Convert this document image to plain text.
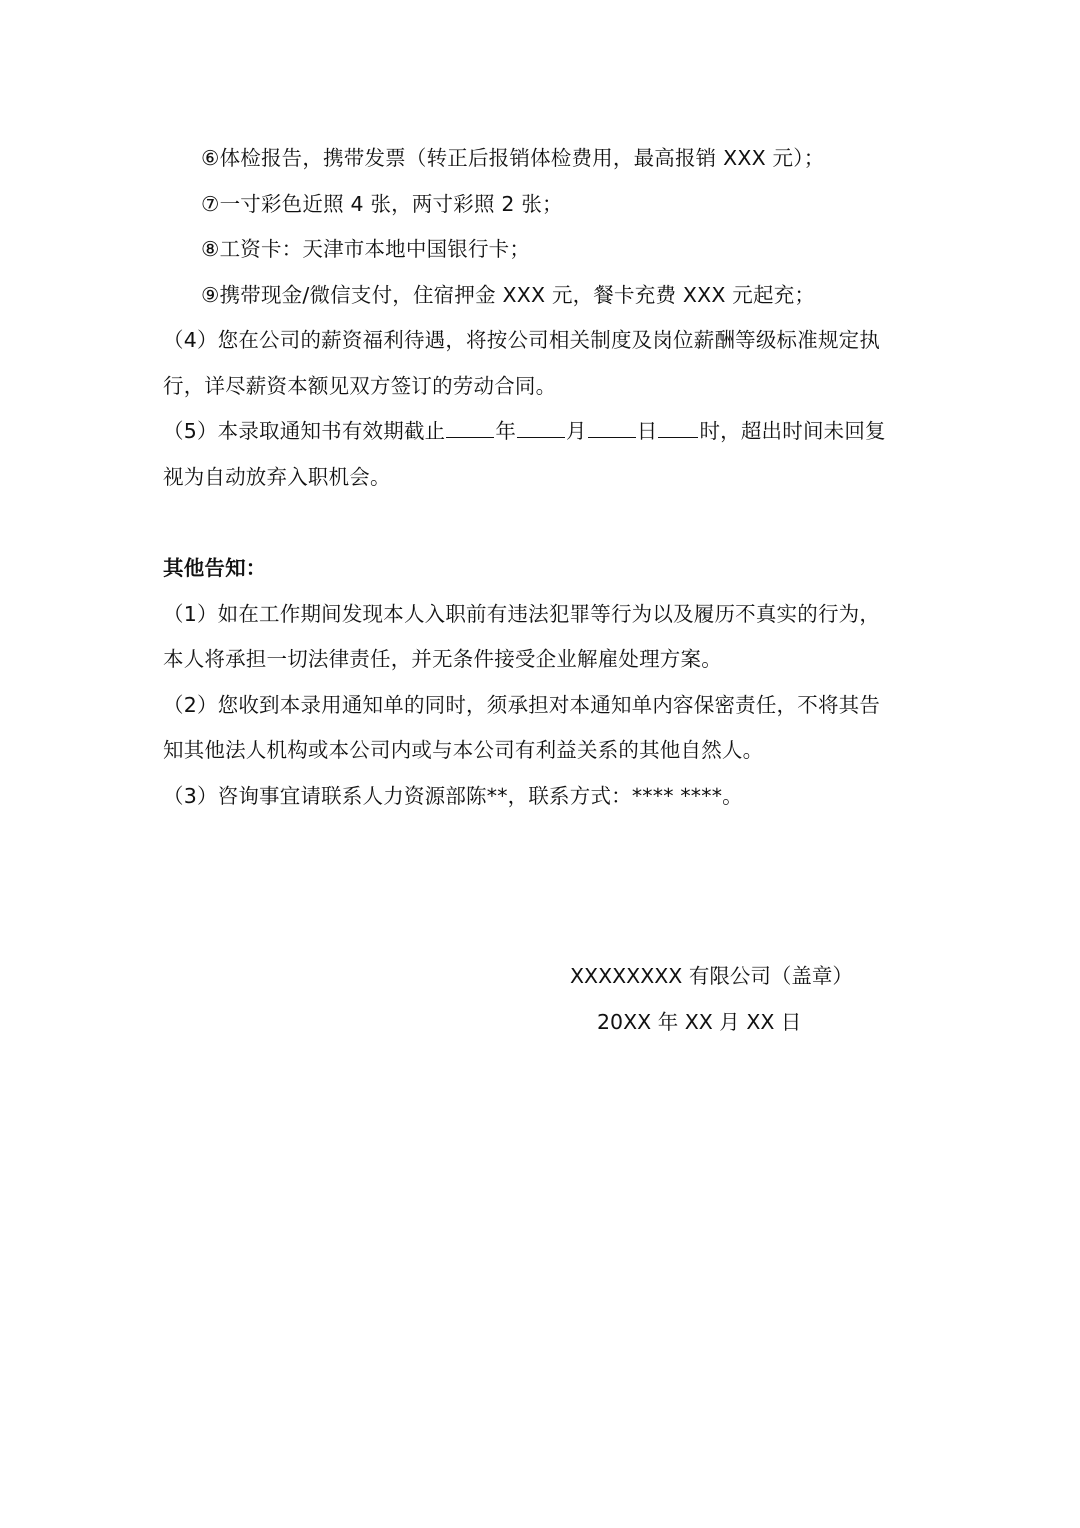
⑥体检报告，携带发票（转正后报销体检费用，最高报销 XXX 元）；

⑦一寸彩色近照 4 张，两寸彩照 2 张；

⑧工资卡：天津市本地中国银行卡；

⑨携带现金/微信支付，住宿押金 XXX 元，餐卡充费 XXX 元起充；

（4）您在公司的薪资福利待遇，将按公司相关制度及岗位薪酬等级标准规定执

行，详尽薪资本额见双方签订的劳动合同。

（5）本录取通知书有效期截止 年 月 日 时，超出时间未回复

视为自动放弃入职机会。

其他告知：

（1）如在工作期间发现本人入职前有违法犯罪等行为以及履历不真实的行为，

本人将承担一切法律责任，并无条件接受企业解雇处理方案。

（2）您收到本录用通知单的同时，须承担对本通知单内容保密责任，不将其告

知其他法人机构或本公司内或与本公司有利益关系的其他自然人。

（3）咨询事宜请联系人力资源部陈**，联系方式：**** ****。

XXXXXXXX 有限公司（盖章）

20XX 年 XX 月 XX 日
